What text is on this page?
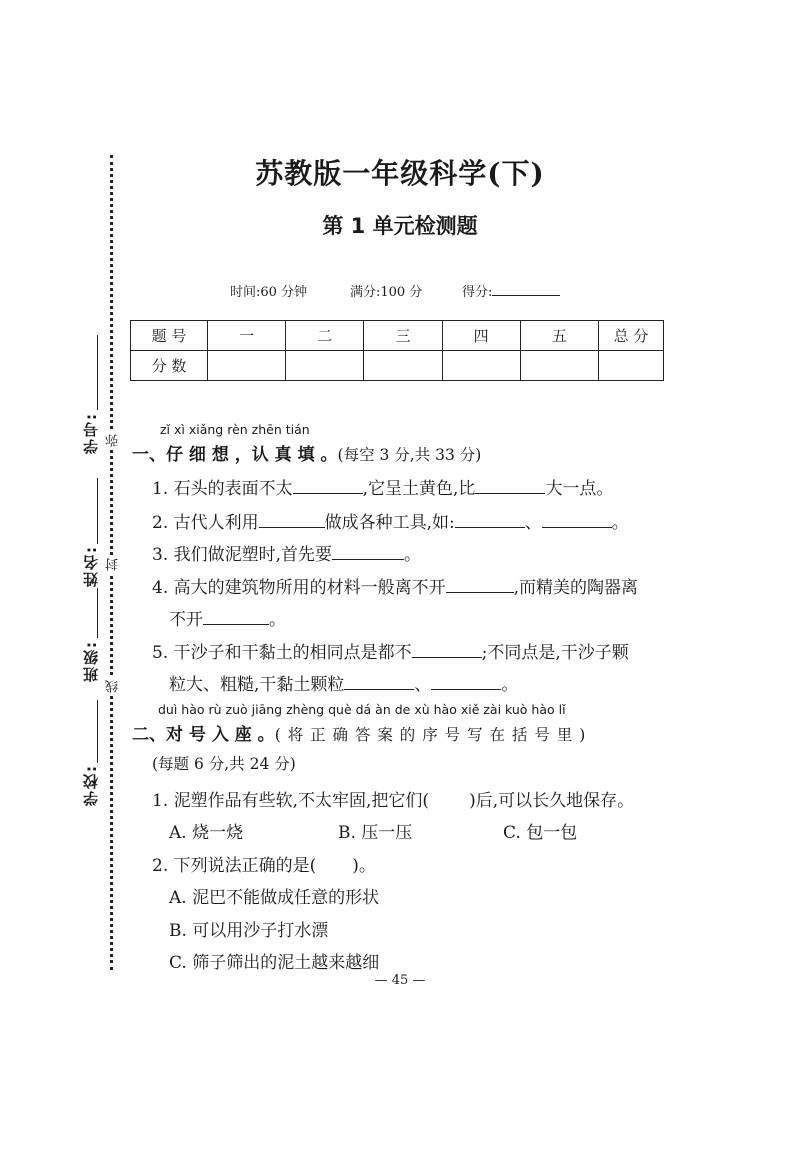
学号:
姓名:
班级:
学校:
弥
封
线
苏教版一年级科学(下)
第 1 单元检测题
时间:60 分钟	满分:100 分	得分:
题 号	一	二	三	四	五	总 分
分 数						
zǐ xì xiǎng rèn zhēn tián
一、仔 细 想 ，认 真 填 。(每空 3 分,共 33 分)
1. 石头的表面不太	,它呈土黄色,比	大一点。
2. 古代人利用	做成各种工具,如:	、	。
3. 我们做泥塑时,首先要	。
4. 高大的建筑物所用的材料一般离不开	,而精美的陶器离
不开	。
5. 干沙子和干黏土的相同点是都不	;不同点是,干沙子颗
粒大、粗糙,干黏土颗粒	、	。
duì hào rù zuò jiāng zhèng què dá àn de xù hào xiě zài kuò hào lǐ
二、对 号 入 座 。( 将 正 确 答 案 的 序 号 写 在 括 号 里 )
(每题 6 分,共 24 分)
1. 泥塑作品有些软,不太牢固,把它们( )后,可以长久地保存。
A. 烧一烧	B. 压一压	C. 包一包
2. 下列说法正确的是( )。
A. 泥巴不能做成任意的形状
B. 可以用沙子打水漂
C. 筛子筛出的泥土越来越细
— 45 —
